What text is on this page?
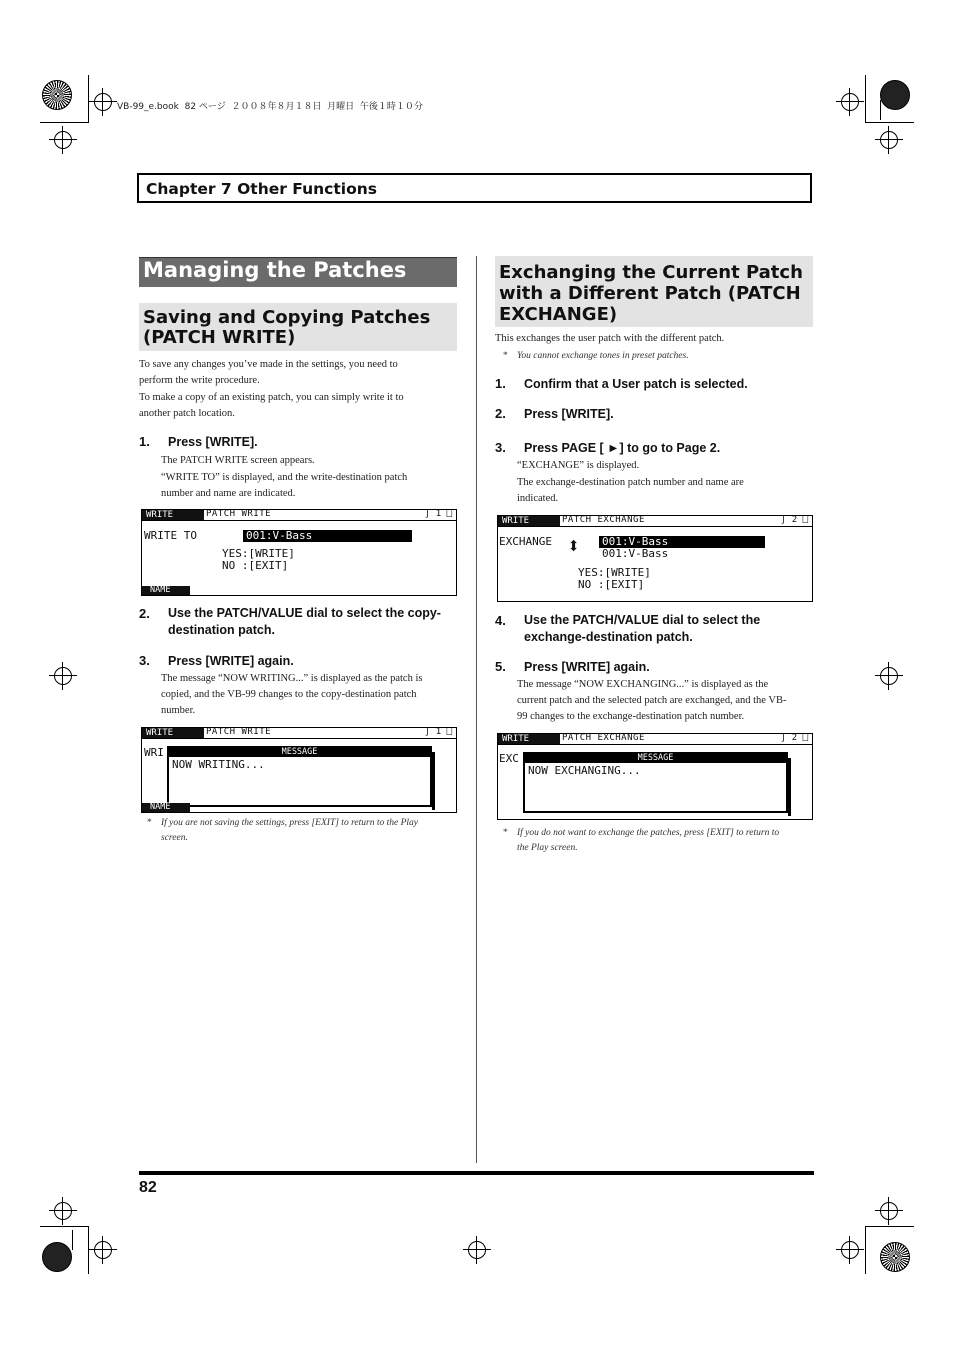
VB-99_e.book  82 ページ  ２００８年８月１８日  月曜日  午後１時１０分
Chapter 7 Other Functions
Managing the Patches
Saving and Copying Patches
(PATCH WRITE)
To save any changes you’ve made in the settings, you need to
perform the write procedure.
To make a copy of an existing patch, you can simply write it to
another patch location.
1. Press [WRITE].
The PATCH WRITE screen appears.
“WRITE TO” is displayed, and the write-destination patch
number and name are indicated.
WRITE	PATCH WRITE	∫ 1 ⎕
WRITE TO	001:V-Bass
YES:[WRITE]
NO :[EXIT]
NAME
2. Use the PATCH/VALUE dial to select the copy-
destination patch.
3. Press [WRITE] again.
The message “NOW WRITING...” is displayed as the patch is
copied, and the VB-99 changes to the copy-destination patch
number.
WRITE	PATCH WRITE	∫ 1 ⎕
WRI	MESSAGE
NOW WRITING...
NAME
* If you are not saving the settings, press [EXIT] to return to the Play
screen.
Exchanging the Current Patch
with a Different Patch (PATCH
EXCHANGE)
This exchanges the user patch with the different patch.
* You cannot exchange tones in preset patches.
1. Confirm that a User patch is selected.
2. Press [WRITE].
3. Press PAGE [ ►] to go to Page 2.
“EXCHANGE” is displayed.
The exchange-destination patch number and name are
indicated.
WRITE	PATCH EXCHANGE	∫ 2 ⎕
EXCHANGE ⬍ 001:V-Bass
001:V-Bass
YES:[WRITE]
NO :[EXIT]
4. Use the PATCH/VALUE dial to select the
exchange-destination patch.
5. Press [WRITE] again.
The message “NOW EXCHANGING...” is displayed as the
current patch and the selected patch are exchanged, and the VB-
99 changes to the exchange-destination patch number.
WRITE	PATCH EXCHANGE	∫ 2 ⎕
EXC	MESSAGE
NOW EXCHANGING...
* If you do not want to exchange the patches, press [EXIT] to return to
the Play screen.
82
